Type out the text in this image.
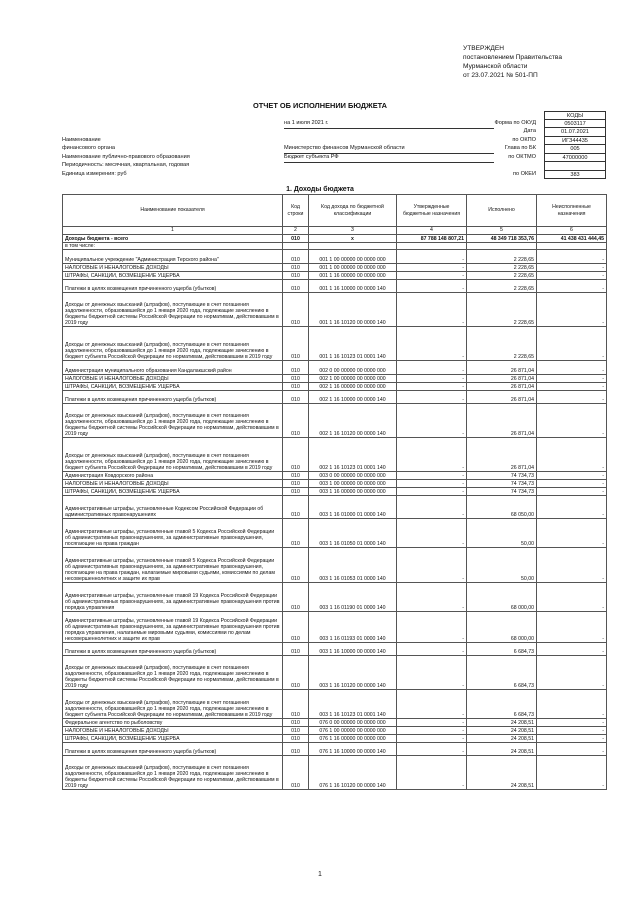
УТВЕРЖДЕН
постановлением Правительства
Мурманской области
от 23.07.2021 № 501-ПП
ОТЧЕТ ОБ ИСПОЛНЕНИИ БЮДЖЕТА
КОДЫ
на 1 июля 2021 г.	Форма по ОКУД	0503117
Дата	01.07.2021
Наименование	по ОКПО	ИГЗ44435
финансового органа	Министерство финансов Мурманской области	Глава по БК	005
Наименование публично-правового образования	Бюджет субъекта РФ	по ОКТМО	47000000
Периодичность: месячная, квартальная, годовая
Единица измерения: руб	по ОКЕИ	383
1. Доходы бюджета
Наименование показателя	Код строки	Код дохода по бюджетной классификации	Утвержденные бюджетные назначения	Исполнено	Неисполненные назначения
1	2	3	4	5	6
Доходы бюджета - всего	010	x	87 788 148 807,21	48 349 718 353,76	41 438 431 444,45
в том числе:					
Муниципальное учреждение "Администрация Терского района"	010	001 1 00 00000 00 0000 000	-	2 228,65	-
НАЛОГОВЫЕ И НЕНАЛОГОВЫЕ ДОХОДЫ	010	001 1 00 00000 00 0000 000	-	2 228,65	-
ШТРАФЫ, САНКЦИИ, ВОЗМЕЩЕНИЕ УЩЕРБА	010	001 1 16 00000 00 0000 000	-	2 228,65	-
Платежи в целях возмещения причиненного ущерба (убытков)	010	001 1 16 10000 00 0000 140	-	2 228,65	-
Доходы от денежных взысканий (штрафов), поступающие в счет погашения задолженности, образовавшейся до 1 января 2020 года, подлежащие зачислению в бюджеты бюджетной системы Российской Федерации по нормативам, действовавшим в 2019 году	010	001 1 16 10120 00 0000 140	-	2 228,65	-
Доходы от денежных взысканий (штрафов), поступающие в счет погашения задолженности, образовавшейся до 1 января 2020 года, подлежащие зачислению в бюджет субъекта Российской Федерации по нормативам, действовавшим в 2019 году	010	001 1 16 10123 01 0001 140	-	2 228,65	-
Администрация муниципального образования Кандалакшский район	010	002 0 00 00000 00 0000 000	-	26 871,04	-
НАЛОГОВЫЕ И НЕНАЛОГОВЫЕ ДОХОДЫ	010	002 1 00 00000 00 0000 000	-	26 871,04	-
ШТРАФЫ, САНКЦИИ, ВОЗМЕЩЕНИЕ УЩЕРБА	010	002 1 16 00000 00 0000 000	-	26 871,04	-
Платежи в целях возмещения причиненного ущерба (убытков)	010	002 1 16 10000 00 0000 140	-	26 871,04	-
Доходы от денежных взысканий (штрафов), поступающие в счет погашения задолженности, образовавшейся до 1 января 2020 года, подлежащие зачислению в бюджеты бюджетной системы Российской Федерации по нормативам, действовавшим в 2019 году	010	002 1 16 10120 00 0000 140	-	26 871,04	-
Доходы от денежных взысканий (штрафов), поступающие в счет погашения задолженности, образовавшейся до 1 января 2020 года, подлежащие зачислению в бюджет субъекта Российской Федерации по нормативам, действовавшим в 2019 году	010	002 1 16 10123 01 0001 140	-	26 871,04	-
Администрация Ковдорского района	010	003 0 00 00000 00 0000 000	-	74 734,73	-
НАЛОГОВЫЕ И НЕНАЛОГОВЫЕ ДОХОДЫ	010	003 1 00 00000 00 0000 000	-	74 734,73	-
ШТРАФЫ, САНКЦИИ, ВОЗМЕЩЕНИЕ УЩЕРБА	010	003 1 16 00000 00 0000 000	-	74 734,73	-
Административные штрафы, установленные Кодексом Российской Федерации об административных правонарушениях	010	003 1 16 01000 01 0000 140	-	68 050,00	-
Административные штрафы, установленные главой 5 Кодекса Российской Федерации об административных правонарушениях, за административные правонарушения, посягающие на права граждан	010	003 1 16 01050 01 0000 140	-	50,00	-
Административные штрафы, установленные главой 5 Кодекса Российской Федерации об административных правонарушениях, за административные правонарушения, посягающие на права граждан, налагаемые мировыми судьями, комиссиями по делам несовершеннолетних и защите их прав	010	003 1 16 01053 01 0000 140	-	50,00	-
Административные штрафы, установленные главой 19 Кодекса Российской Федерации об административных правонарушениях, за административные правонарушения против порядка управления	010	003 1 16 01190 01 0000 140	-	68 000,00	-
Административные штрафы, установленные главой 19 Кодекса Российской Федерации об административных правонарушениях, за административные правонарушения против порядка управления, налагаемые мировыми судьями, комиссиями по делам несовершеннолетних и защите их прав	010	003 1 16 01193 01 0000 140	-	68 000,00	-
Платежи в целях возмещения причиненного ущерба (убытков)	010	003 1 16 10000 00 0000 140	-	6 684,73	-
Доходы от денежных взысканий (штрафов), поступающие в счет погашения задолженности, образовавшейся до 1 января 2020 года, подлежащие зачислению в бюджеты бюджетной системы Российской Федерации по нормативам, действовавшим в 2019 году	010	003 1 16 10120 00 0000 140	-	6 684,73	-
Доходы от денежных взысканий (штрафов), поступающие в счет погашения задолженности, образовавшейся до 1 января 2020 года, подлежащие зачислению в бюджет субъекта Российской Федерации по нормативам, действовавшим в 2019 году	010	003 1 16 10123 01 0001 140	-	6 684,73	-
Федеральное агентство по рыболовству	010	076 0 00 00000 00 0000 000	-	24 208,51	-
НАЛОГОВЫЕ И НЕНАЛОГОВЫЕ ДОХОДЫ	010	076 1 00 00000 00 0000 000	-	24 208,51	-
ШТРАФЫ, САНКЦИИ, ВОЗМЕЩЕНИЕ УЩЕРБА	010	076 1 16 00000 00 0000 000	-	24 208,51	-
Платежи в целях возмещения причиненного ущерба (убытков)	010	076 1 16 10000 00 0000 140	-	24 208,51	-
Доходы от денежных взысканий (штрафов), поступающие в счет погашения задолженности, образовавшейся до 1 января 2020 года, подлежащие зачислению в бюджеты бюджетной системы Российской Федерации по нормативам, действовавшим в 2019 году	010	076 1 16 10120 00 0000 140	-	24 208,51	-
1
